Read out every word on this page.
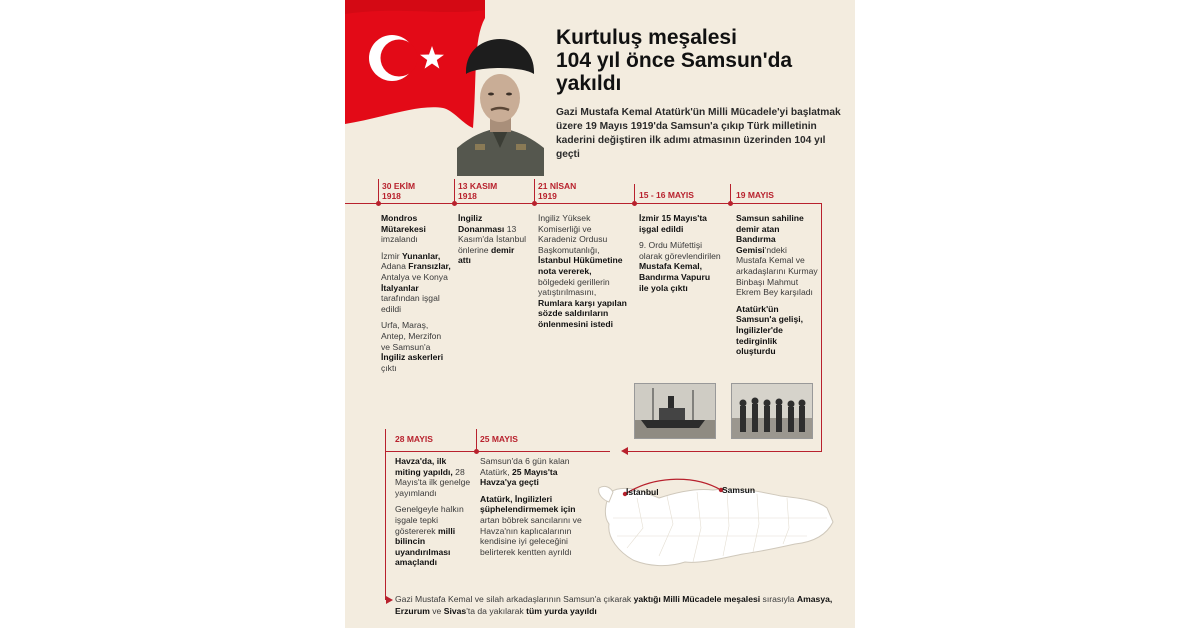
Kurtuluş meşalesi
104 yıl önce Samsun'da
yakıldı

Gazi Mustafa Kemal Atatürk'ün Milli Mücadele'yi başlatmak üzere 19 Mayıs 1919'da Samsun'a çıkıp Türk milletinin kaderini değiştiren ilk adımı atmasının üzerinden 104 yıl geçti

30 EKİM
1918
13 KASIM
1918
21 NİSAN
1919	15 - 16 MAYIS	19 MAYIS
28 MAYIS	25 MAYIS

Mondros Mütarekesi imzalandı

İzmir Yunanlar, Adana Fransızlar, Antalya ve Konya İtalyanlar tarafından işgal edildi

Urfa, Maraş, Antep, Merzifon ve Samsun'a İngiliz askerleri çıktı

İngiliz Donanması 13 Kasım'da İstanbul önlerine demir attı

İngiliz Yüksek Komiserliği ve Karadeniz Ordusu Başkomutanlığı, İstanbul Hükümetine nota vererek, bölgedeki gerillerin yatıştırılmasını, Rumlara karşı yapılan sözde saldırıların önlenmesini istedi

İzmir 15 Mayıs'ta işgal edildi

9. Ordu Müfettişi olarak görevlendirilen Mustafa Kemal, Bandırma Vapuru ile yola çıktı

Samsun sahiline demir atan Bandırma Gemisi'ndeki Mustafa Kemal ve arkadaşlarını Kurmay Binbaşı Mahmut Ekrem Bey karşıladı

Atatürk'ün Samsun'a gelişi, İngilizler'de tedirginlik oluşturdu

Havza'da, ilk miting yapıldı, 28 Mayıs'ta ilk genelge yayımlandı

Genelgeyle halkın işgale tepki göstererek milli bilincin uyandırılması amaçlandı

Samsun'da 6 gün kalan Atatürk, 25 Mayıs'ta Havza'ya geçti

Atatürk, İngilizleri şüphelendirmemek için artan böbrek sancılarını ve Havza'nın kaplıcalarının kendisine iyi geleceğini belirterek kentten ayrıldı

İstanbul	Samsun

Gazi Mustafa Kemal ve silah arkadaşlarının Samsun'a çıkarak yaktığı Milli Mücadele meşalesi sırasıyla Amasya, Erzurum ve Sivas'ta da yakılarak tüm yurda yayıldı
